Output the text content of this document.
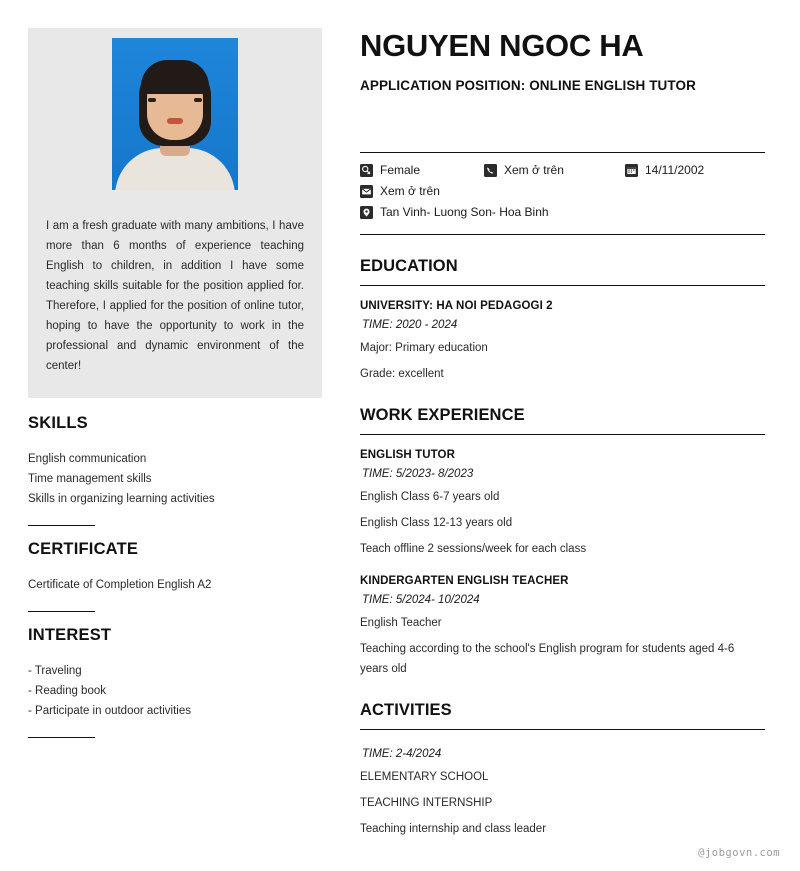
I am a fresh graduate with many ambitions, I have more than 6 months of experience teaching English to children, in addition I have some teaching skills suitable for the position applied for. Therefore, I applied for the position of online tutor, hoping to have the opportunity to work in the professional and dynamic environment of the center!
SKILLS
English communication
Time management skills
Skills in organizing learning activities
CERTIFICATE
Certificate of Completion English A2
INTEREST
- Traveling
- Reading book
- Participate in outdoor activities
NGUYEN NGOC HA
APPLICATION POSITION: ONLINE ENGLISH TUTOR
Female	Xem ở trên	14/11/2002
Xem ở trên
Tan Vinh- Luong Son- Hoa Binh
EDUCATION
UNIVERSITY: HA NOI PEDAGOGI 2
TIME: 2020 - 2024
Major: Primary education
Grade: excellent
WORK EXPERIENCE
ENGLISH TUTOR
TIME: 5/2023- 8/2023
English Class 6-7 years old
English Class 12-13 years old
Teach offline 2 sessions/week for each class
KINDERGARTEN ENGLISH TEACHER
TIME: 5/2024- 10/2024
English Teacher
Teaching according to the school's English program for students aged 4-6 years old
ACTIVITIES
TIME: 2-4/2024
ELEMENTARY SCHOOL
TEACHING INTERNSHIP
Teaching internship and class leader
@jobgovn.com
